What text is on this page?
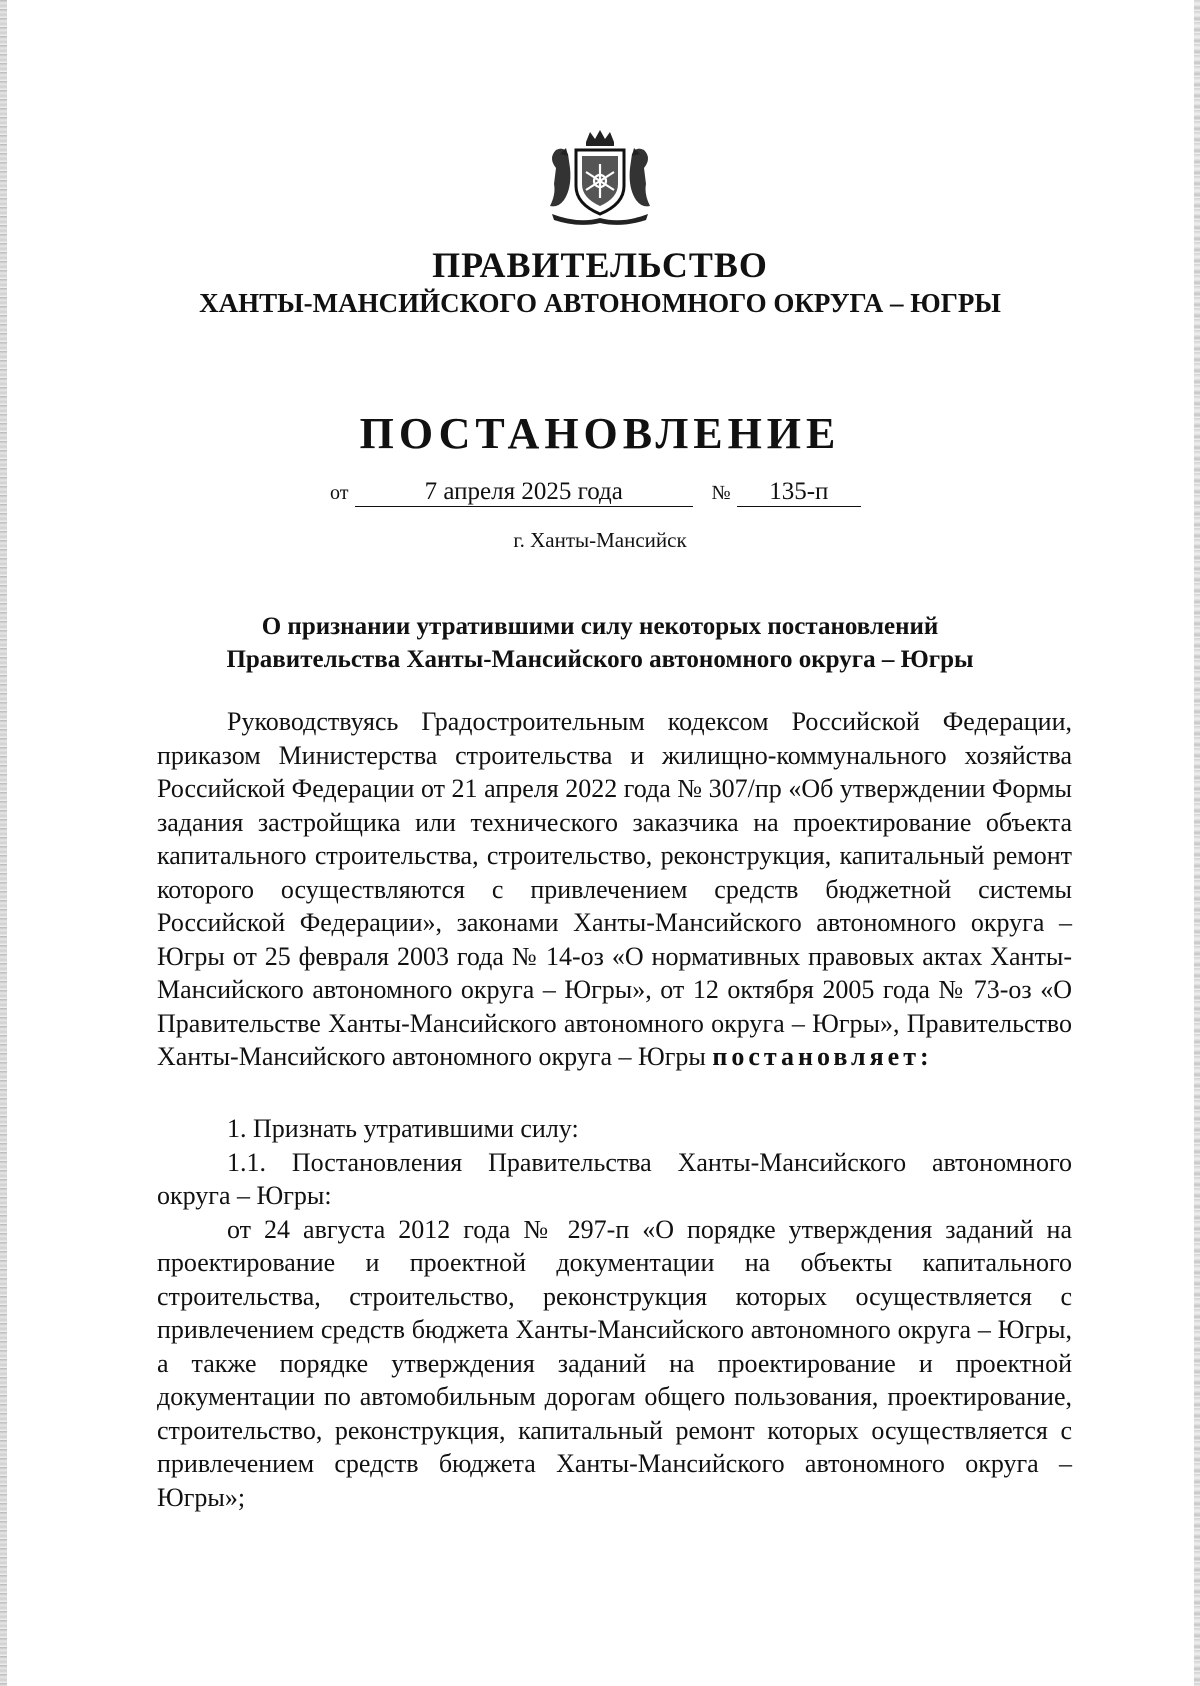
ПРАВИТЕЛЬСТВО
ХАНТЫ-МАНСИЙСКОГО АВТОНОМНОГО ОКРУГА – ЮГРЫ
ПОСТАНОВЛЕНИЕ
от	7 апреля 2025 года	№ 135-п
г. Ханты-Мансийск
О признании утратившими силу некоторых постановлений
Правительства Ханты-Мансийского автономного округа – Югры

Руководствуясь Градостроительным кодексом Российской Федерации, приказом Министерства строительства и жилищно-коммунального хозяйства Российской Федерации от 21 апреля 2022 года № 307/пр «Об утверждении Формы задания застройщика или технического заказчика на проектирование объекта капитального строительства, строительство, реконструкция, капитальный ремонт которого осуществляются с привлечением средств бюджетной системы Российской Федерации», законами Ханты-Мансийского автономного округа – Югры от 25 февраля 2003 года № 14-оз «О нормативных правовых актах Ханты-Мансийского автономного округа – Югры», от 12 октября 2005 года № 73-оз «О Правительстве Ханты-Мансийского автономного округа – Югры», Правительство Ханты-Мансийского автономного округа – Югры постановляет:

1. Признать утратившими силу:

1.1. Постановления Правительства Ханты-Мансийского автономного округа – Югры:

от 24 августа 2012 года № 297-п «О порядке утверждения заданий на проектирование и проектной документации на объекты капитального строительства, строительство, реконструкция которых осуществляется с привлечением средств бюджета Ханты-Мансийского автономного округа – Югры, а также порядке утверждения заданий на проектирование и проектной документации по автомобильным дорогам общего пользования, проектирование, строительство, реконструкция, капитальный ремонт которых осуществляется с привлечением средств бюджета Ханты-Мансийского автономного округа – Югры»;
